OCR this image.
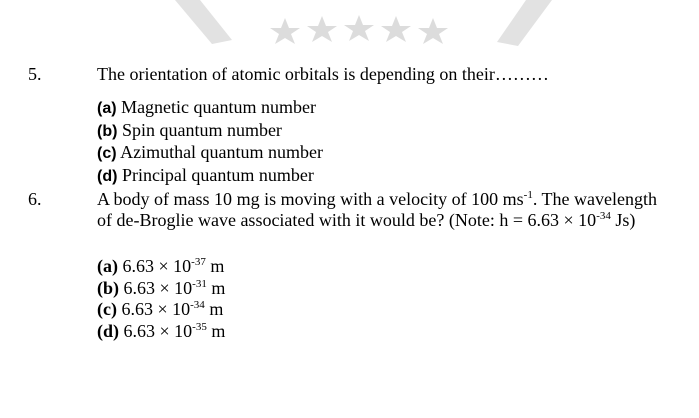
5.	The orientation of atomic orbitals is depending on their………
(a) Magnetic quantum number
(b) Spin quantum number
(c) Azimuthal quantum number
(d) Principal quantum number
6.	A body of mass 10 mg is moving with a velocity of 100 $ms^{-1}$. The wavelength of de-Broglie wave associated with it would be? (Note: $h = 6.63 \times 10^{-34}$ Js)
(a) $6.63 \times 10^{-37}$ m
(b) $6.63 \times 10^{-31}$ m
(c) $6.63 \times 10^{-34}$ m
(d) $6.63 \times 10^{-35}$ m
